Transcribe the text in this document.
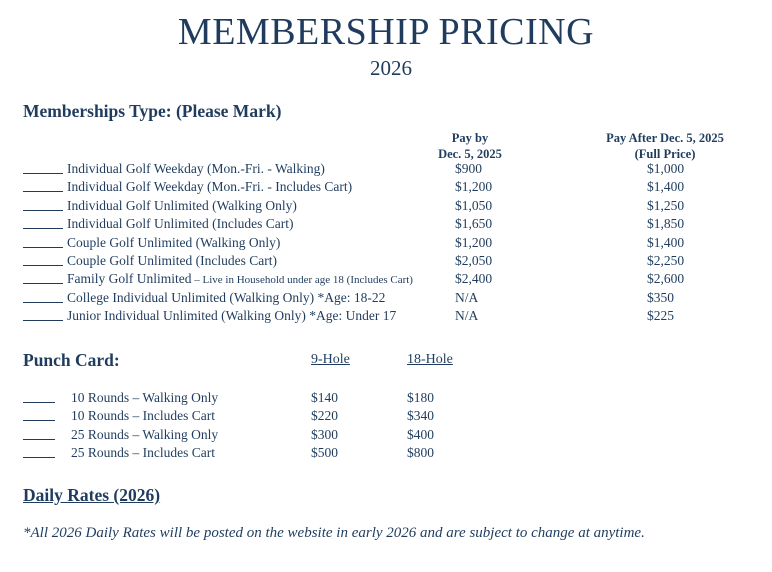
MEMBERSHIP PRICING
2026
Memberships Type: (Please Mark)
Pay by
Dec. 5, 2025
Pay After Dec. 5, 2025
(Full Price)
Individual Golf Weekday (Mon.-Fri. - Walking)	$900	$1,000
Individual Golf Weekday (Mon.-Fri. - Includes Cart)	$1,200	$1,400
Individual Golf Unlimited (Walking Only)	$1,050	$1,250
Individual Golf Unlimited (Includes Cart)	$1,650	$1,850
Couple Golf Unlimited (Walking Only)	$1,200	$1,400
Couple Golf Unlimited (Includes Cart)	$2,050	$2,250
Family Golf Unlimited – Live in Household under age 18 (Includes Cart)	$2,400	$2,600
College Individual Unlimited (Walking Only) *Age: 18-22	N/A	$350
Junior Individual Unlimited (Walking Only) *Age: Under 17	N/A	$225
Punch Card:	9-Hole	18-Hole
10 Rounds – Walking Only	$140	$180
10 Rounds – Includes Cart	$220	$340
25 Rounds – Walking Only	$300	$400
25 Rounds – Includes Cart	$500	$800
Daily Rates (2026)
*All 2026 Daily Rates will be posted on the website in early 2026 and are subject to change at anytime.
